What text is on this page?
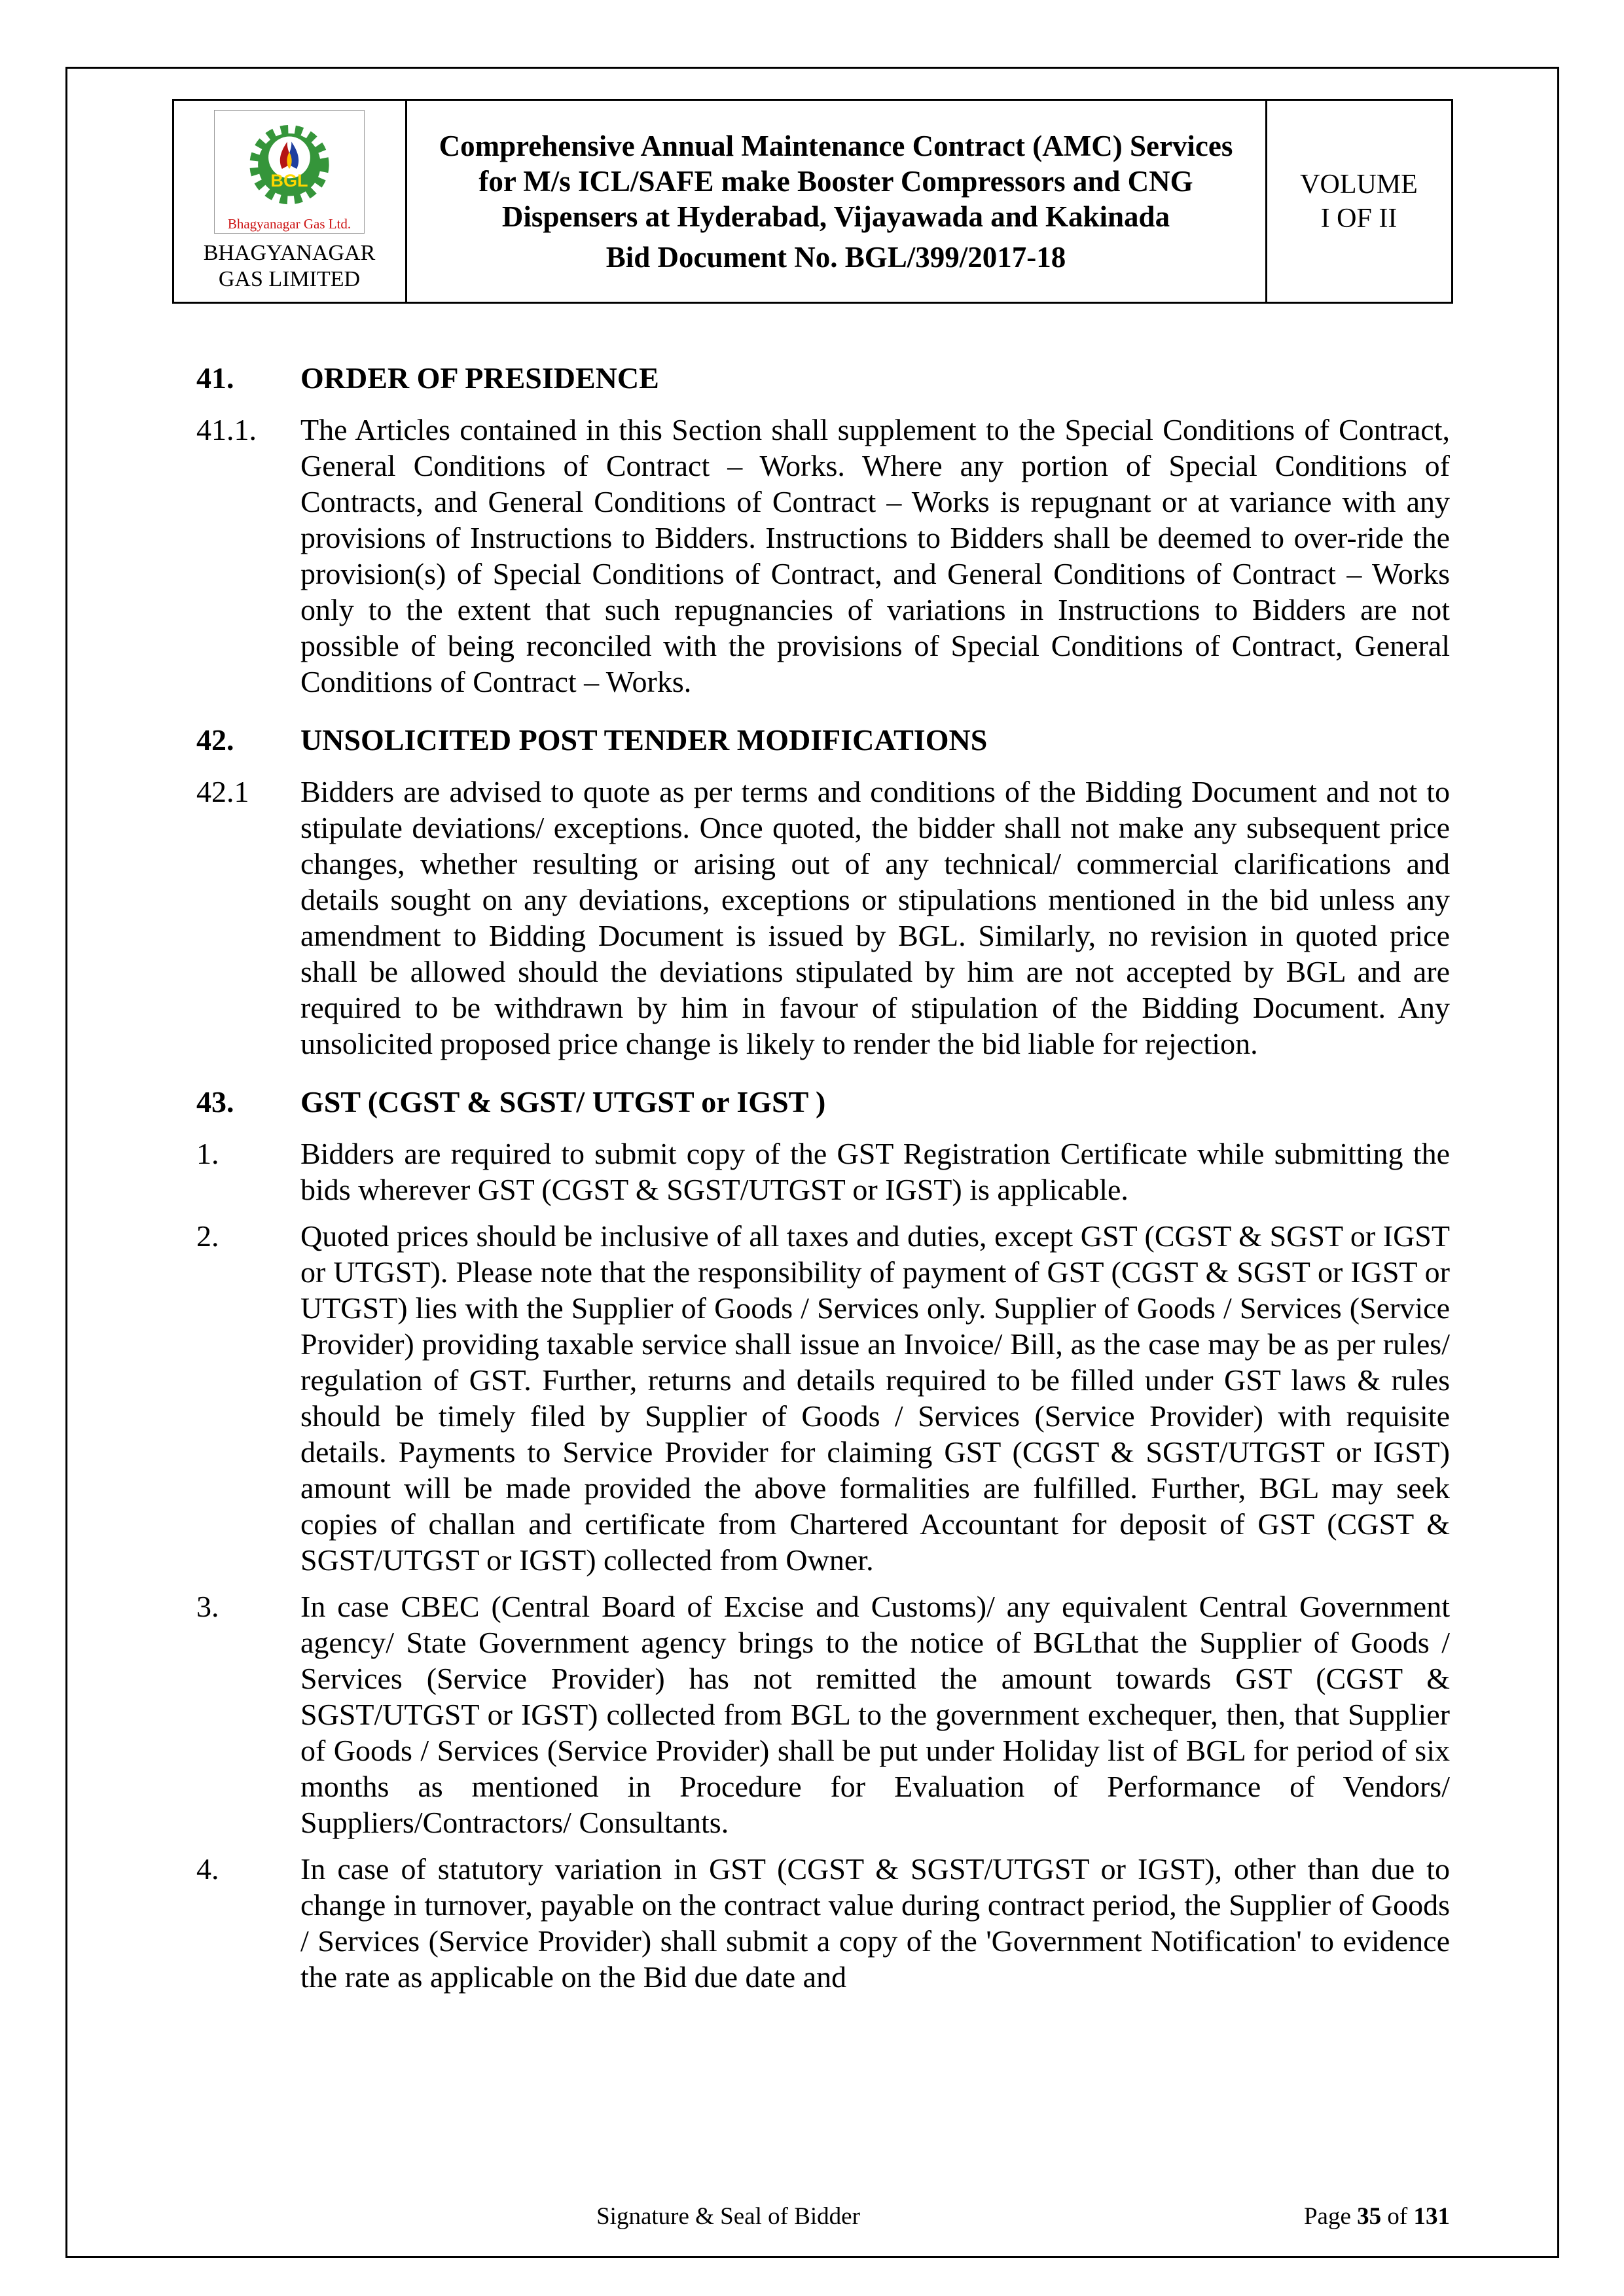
BGL
Bhagyanagar Gas Ltd.
BHAGYANAGAR
GAS LIMITED

Comprehensive Annual Maintenance Contract (AMC) Services for M/s ICL/SAFE make Booster Compressors and CNG Dispensers at Hyderabad, Vijayawada and Kakinada
Bid Document No. BGL/399/2017-18

VOLUME
I OF II
41.	ORDER OF PRESIDENCE
41.1.	The Articles contained in this Section shall supplement to the Special Conditions of Contract, General Conditions of Contract – Works. Where any portion of Special Conditions of Contracts, and General Conditions of Contract – Works is repugnant or at variance with any provisions of Instructions to Bidders. Instructions to Bidders shall be deemed to over-ride the provision(s) of Special Conditions of Contract, and General Conditions of Contract – Works only to the extent that such repugnancies of variations in Instructions to Bidders are not possible of being reconciled with the provisions of Special Conditions of Contract, General Conditions of Contract – Works.
42.	UNSOLICITED POST TENDER MODIFICATIONS
42.1	Bidders are advised to quote as per terms and conditions of the Bidding Document and not to stipulate deviations/ exceptions. Once quoted, the bidder shall not make any subsequent price changes, whether resulting or arising out of any technical/ commercial clarifications and details sought on any deviations, exceptions or stipulations mentioned in the bid unless any amendment to Bidding Document is issued by BGL. Similarly, no revision in quoted price shall be allowed should the deviations stipulated by him are not accepted by BGL and are required to be withdrawn by him in favour of stipulation of the Bidding Document. Any unsolicited proposed price change is likely to render the bid liable for rejection.
43.	GST (CGST & SGST/ UTGST or IGST )
1.	Bidders are required to submit copy of the GST Registration Certificate while submitting the bids wherever GST (CGST & SGST/UTGST or IGST) is applicable.
2.	Quoted prices should be inclusive of all taxes and duties, except GST (CGST & SGST or IGST or UTGST). Please note that the responsibility of payment of GST (CGST & SGST or IGST or UTGST) lies with the Supplier of Goods / Services only. Supplier of Goods / Services (Service Provider) providing taxable service shall issue an Invoice/ Bill, as the case may be as per rules/ regulation of GST. Further, returns and details required to be filled under GST laws & rules should be timely filed by Supplier of Goods / Services (Service Provider) with requisite details. Payments to Service Provider for claiming GST (CGST & SGST/UTGST or IGST) amount will be made provided the above formalities are fulfilled. Further, BGL may seek copies of challan and certificate from Chartered Accountant for deposit of GST (CGST & SGST/UTGST or IGST) collected from Owner.
3.	In case CBEC (Central Board of Excise and Customs)/ any equivalent Central Government agency/ State Government agency brings to the notice of BGLthat the Supplier of Goods / Services (Service Provider) has not remitted the amount towards GST (CGST & SGST/UTGST or IGST) collected from BGL to the government exchequer, then, that Supplier of Goods / Services (Service Provider) shall be put under Holiday list of BGL for period of six months as mentioned in Procedure for Evaluation of Performance of Vendors/ Suppliers/Contractors/ Consultants.
4.	In case of statutory variation in GST (CGST & SGST/UTGST or IGST), other than due to change in turnover, payable on the contract value during contract period, the Supplier of Goods / Services (Service Provider) shall submit a copy of the 'Government Notification' to evidence the rate as applicable on the Bid due date and
Signature & Seal of Bidder	Page 35 of 131
